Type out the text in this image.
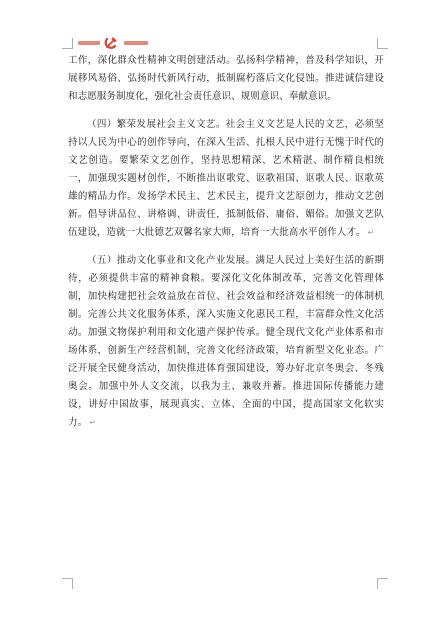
工作，深化群众性精神文明创建活动。弘扬科学精神，普及科学知识，开展移风易俗、弘扬时代新风行动，抵制腐朽落后文化侵蚀。推进诚信建设和志愿服务制度化，强化社会责任意识、规则意识、奉献意识。

（四）繁荣发展社会主义文艺。社会主义文艺是人民的文艺，必须坚持以人民为中心的创作导向，在深入生活、扎根人民中进行无愧于时代的文艺创造。要繁荣文艺创作，坚持思想精深、艺术精湛、制作精良相统一，加强现实题材创作，不断推出讴歌党、讴歌祖国、讴歌人民、讴歌英雄的精品力作。发扬学术民主、艺术民主，提升文艺原创力，推动文艺创新。倡导讲品位、讲格调、讲责任，抵制低俗、庸俗、媚俗。加强文艺队伍建设，造就一大批德艺双馨名家大师，培育一大批高水平创作人才。 ↵

（五）推动文化事业和文化产业发展。满足人民过上美好生活的新期待，必须提供丰富的精神食粮。要深化文化体制改革，完善文化管理体制，加快构建把社会效益放在首位、社会效益和经济效益相统一的体制机制。完善公共文化服务体系，深入实施文化惠民工程，丰富群众性文化活动。加强文物保护利用和文化遗产保护传承。健全现代文化产业体系和市场体系，创新生产经营机制，完善文化经济政策，培育新型文化业态。广泛开展全民健身活动，加快推进体育强国建设，筹办好北京冬奥会、冬残奥会。加强中外人文交流，以我为主、兼收并蓄。推进国际传播能力建设，讲好中国故事，展现真实、立体、全面的中国，提高国家文化软实力。 ↵
